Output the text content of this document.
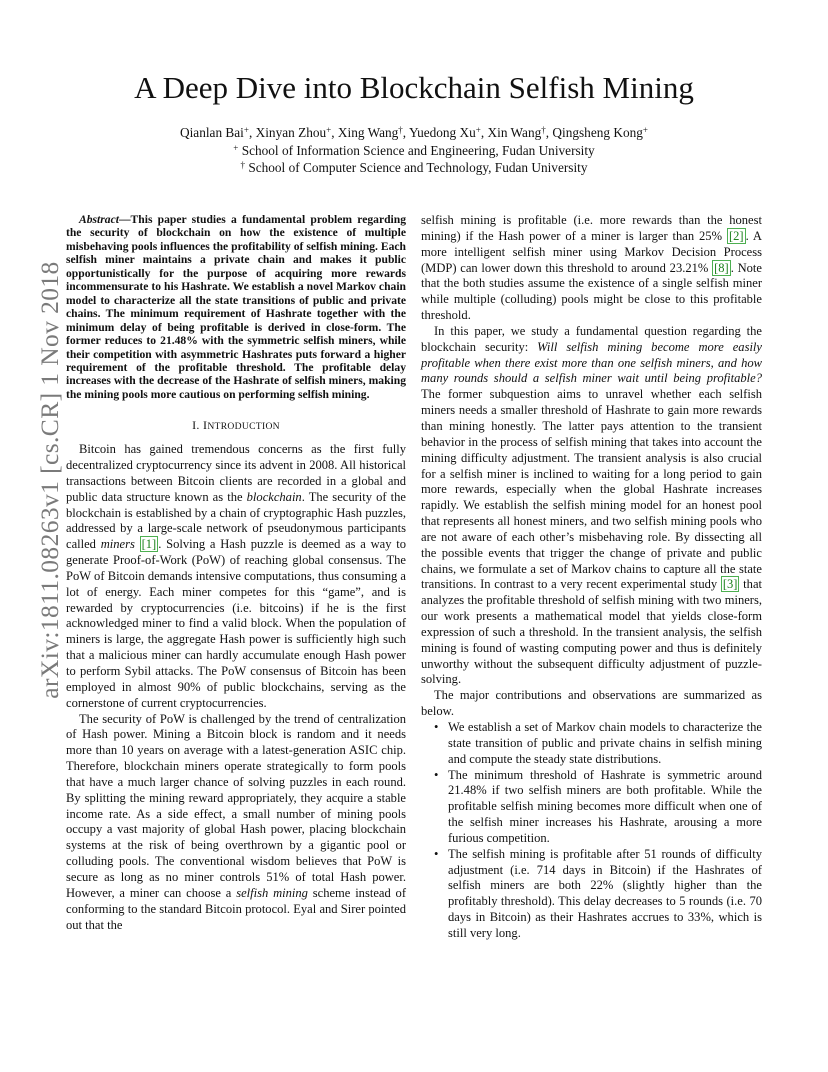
arXiv:1811.08263v1 [cs.CR] 1 Nov 2018
A Deep Dive into Blockchain Selfish Mining
Qianlan Bai+, Xinyan Zhou+, Xing Wang†, Yuedong Xu+, Xin Wang†, Qingsheng Kong+
+ School of Information Science and Engineering, Fudan University
† School of Computer Science and Technology, Fudan University

Abstract—This paper studies a fundamental problem regarding the security of blockchain on how the existence of multiple misbehaving pools influences the profitability of selfish mining. Each selfish miner maintains a private chain and makes it public opportunistically for the purpose of acquiring more rewards incommensurate to his Hashrate. We establish a novel Markov chain model to characterize all the state transitions of public and private chains. The minimum requirement of Hashrate together with the minimum delay of being profitable is derived in close-form. The former reduces to 21.48% with the symmetric selfish miners, while their competition with asymmetric Hashrates puts forward a higher requirement of the profitable threshold. The profitable delay increases with the decrease of the Hashrate of selfish miners, making the mining pools more cautious on performing selfish mining.

I. INTRODUCTION

Bitcoin has gained tremendous concerns as the first fully decentralized cryptocurrency since its advent in 2008. All historical transactions between Bitcoin clients are recorded in a global and public data structure known as the blockchain. The security of the blockchain is established by a chain of cryptographic Hash puzzles, addressed by a large-scale network of pseudonymous participants called miners [1] . Solving a Hash puzzle is deemed as a way to generate Proof-of-Work (PoW) of reaching global consensus. The PoW of Bitcoin demands intensive computations, thus consuming a lot of energy. Each miner competes for this “game”, and is rewarded by cryptocurrencies (i.e. bitcoins) if he is the first acknowledged miner to find a valid block. When the population of miners is large, the aggregate Hash power is sufficiently high such that a malicious miner can hardly accumulate enough Hash power to perform Sybil attacks. The PoW consensus of Bitcoin has been employed in almost 90% of public blockchains, serving as the cornerstone of current cryptocurrencies.

The security of PoW is challenged by the trend of centralization of Hash power. Mining a Bitcoin block is random and it needs more than 10 years on average with a latest-generation ASIC chip. Therefore, blockchain miners operate strategically to form pools that have a much larger chance of solving puzzles in each round. By splitting the mining reward appropriately, they acquire a stable income rate. As a side effect, a small number of mining pools occupy a vast majority of global Hash power, placing blockchain systems at the risk of being overthrown by a gigantic pool or colluding pools. The conventional wisdom believes that PoW is secure as long as no miner controls 51% of total Hash power. However, a miner can choose a selfish mining scheme instead of conforming to the standard Bitcoin protocol. Eyal and Sirer pointed out that the

selfish mining is profitable (i.e. more rewards than the honest mining) if the Hash power of a miner is larger than 25% [2] . A more intelligent selfish miner using Markov Decision Process (MDP) can lower down this threshold to around 23.21% [8] . Note that the both studies assume the existence of a single selfish miner while multiple (colluding) pools might be close to this profitable threshold.

In this paper, we study a fundamental question regarding the blockchain security: Will selfish mining become more easily profitable when there exist more than one selfish miners, and how many rounds should a selfish miner wait until being profitable? The former subquestion aims to unravel whether each selfish miners needs a smaller threshold of Hashrate to gain more rewards than mining honestly. The latter pays attention to the transient behavior in the process of selfish mining that takes into account the mining difficulty adjustment. The transient analysis is also crucial for a selfish miner is inclined to waiting for a long period to gain more rewards, especially when the global Hashrate increases rapidly. We establish the selfish mining model for an honest pool that represents all honest miners, and two selfish mining pools who are not aware of each other’s misbehaving role. By dissecting all the possible events that trigger the change of private and public chains, we formulate a set of Markov chains to capture all the state transitions. In contrast to a very recent experimental study [3] that analyzes the profitable threshold of selfish mining with two miners, our work presents a mathematical model that yields close-form expression of such a threshold. In the transient analysis, the selfish mining is found of wasting computing power and thus is definitely unworthy without the subsequent difficulty adjustment of puzzle-solving.

The major contributions and observations are summarized as below.

• We establish a set of Markov chain models to characterize the state transition of public and private chains in selfish mining and compute the steady state distributions.
• The minimum threshold of Hashrate is symmetric around 21.48% if two selfish miners are both profitable. While the profitable selfish mining becomes more difficult when one of the selfish miner increases his Hashrate, arousing a more furious competition.
• The selfish mining is profitable after 51 rounds of difficulty adjustment (i.e. 714 days in Bitcoin) if the Hashrates of selfish miners are both 22% (slightly higher than the profitably threshold). This delay decreases to 5 rounds (i.e. 70 days in Bitcoin) as their Hashrates accrues to 33%, which is still very long.
